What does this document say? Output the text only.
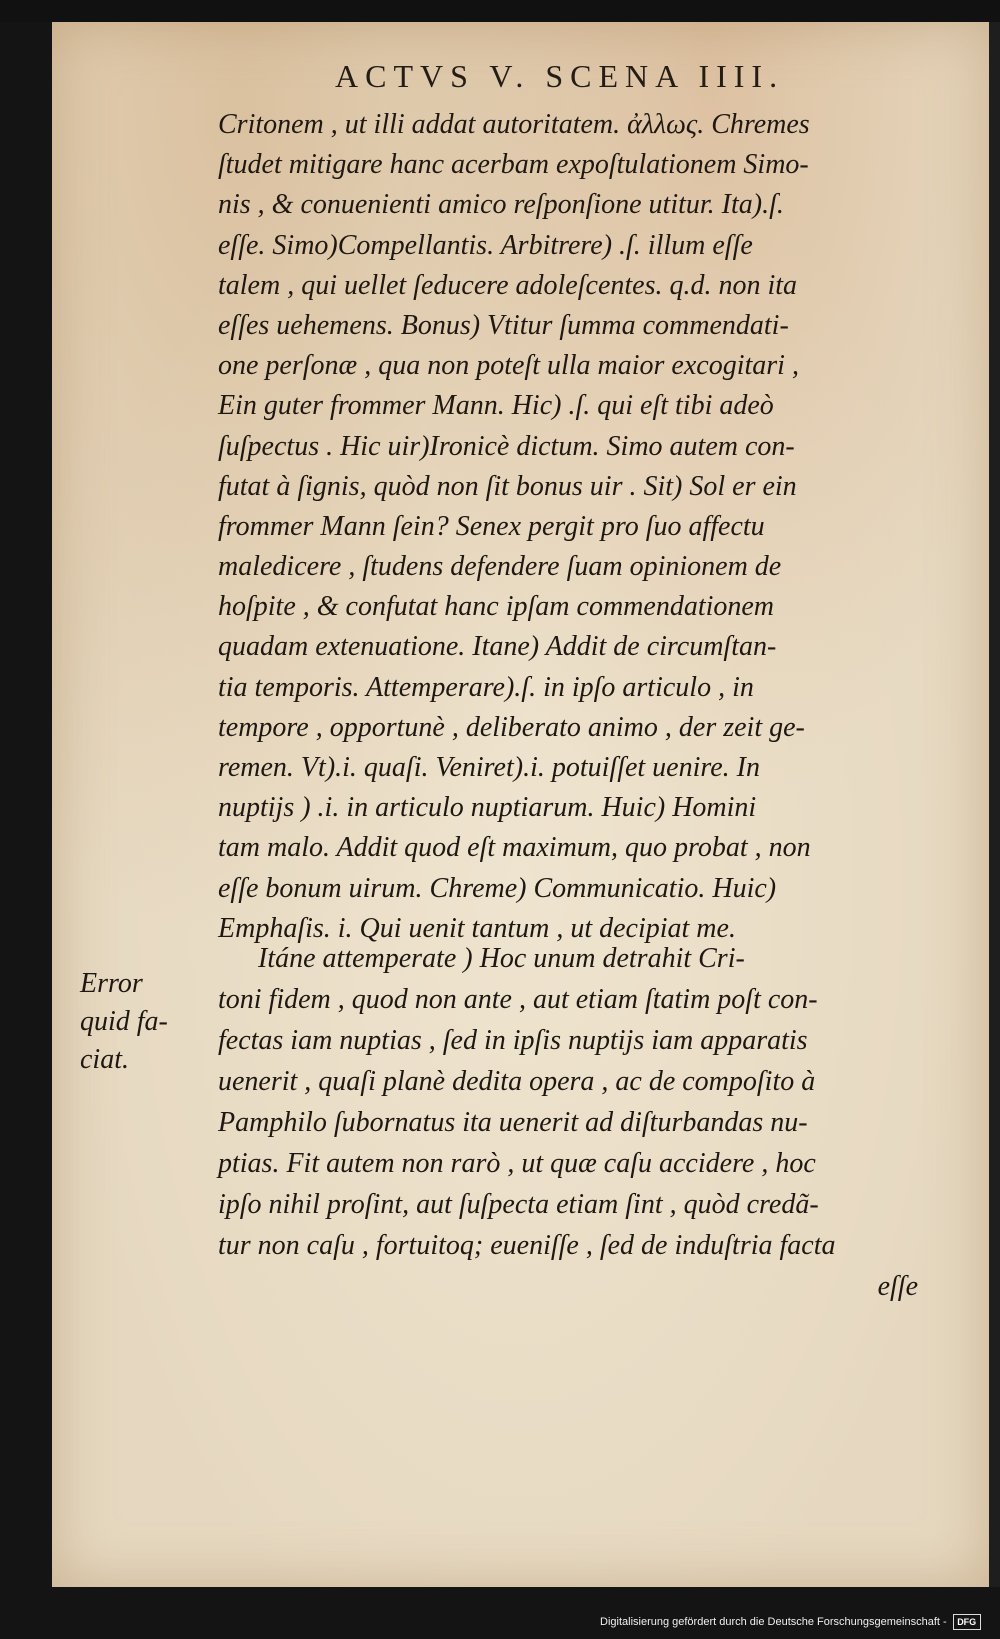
ACTVS V. SCENA IIII.
Critonem , ut illi addat autoritatem. ἀλλως. Chremes
ſtudet mitigare hanc acerbam expoſtulationem Simo-
nis , & conuenienti amico reſponſione utitur. Ita).ſ.
eſſe. Simo)Compellantis. Arbitrere) .ſ. illum eſſe
talem , qui uellet ſeducere adoleſcentes. q.d. non ita
eſſes uehemens. Bonus) Vtitur ſumma commendati-
one perſonæ , qua non poteſt ulla maior excogitari ,
Ein guter frommer Mann. Hic) .ſ. qui eſt tibi adeò
ſuſpectus . Hic uir)Ironicè dictum. Simo autem con-
futat à ſignis, quòd non ſit bonus uir . Sit) Sol er ein
frommer Mann ſein? Senex pergit pro ſuo affectu
maledicere , ſtudens defendere ſuam opinionem de
hoſpite , & confutat hanc ipſam commendationem
quadam extenuatione. Itane) Addit de circumſtan-
tia temporis. Attemperare).ſ. in ipſo articulo , in
tempore , opportunè , deliberato animo , der zeit ge-
remen. Vt).i. quaſi. Veniret).i. potuiſſet uenire. In
nuptijs ) .i. in articulo nuptiarum. Huic) Homini
tam malo. Addit quod eſt maximum, quo probat , non
eſſe bonum uirum. Chreme) Communicatio. Huic)
Emphaſis. i. Qui uenit tantum , ut decipiat me.
Error
quid fa-
ciat.
Itáne attemperate ) Hoc unum detrahit Cri-
toni fidem , quod non ante , aut etiam ſtatim poſt con-
fectas iam nuptias , ſed in ipſis nuptijs iam apparatis
uenerit , quaſi planè dedita opera , ac de compoſito à
Pamphilo ſubornatus ita uenerit ad diſturbandas nu-
ptias. Fit autem non rarò , ut quæ caſu accidere , hoc
ipſo nihil proſint, aut ſuſpecta etiam ſint , quòd credã-
tur non caſu , fortuitoq; eueniſſe , ſed de induſtria facta
eſſe
Digitalisierung gefördert durch die Deutsche Forschungsgemeinschaft -	DFG
